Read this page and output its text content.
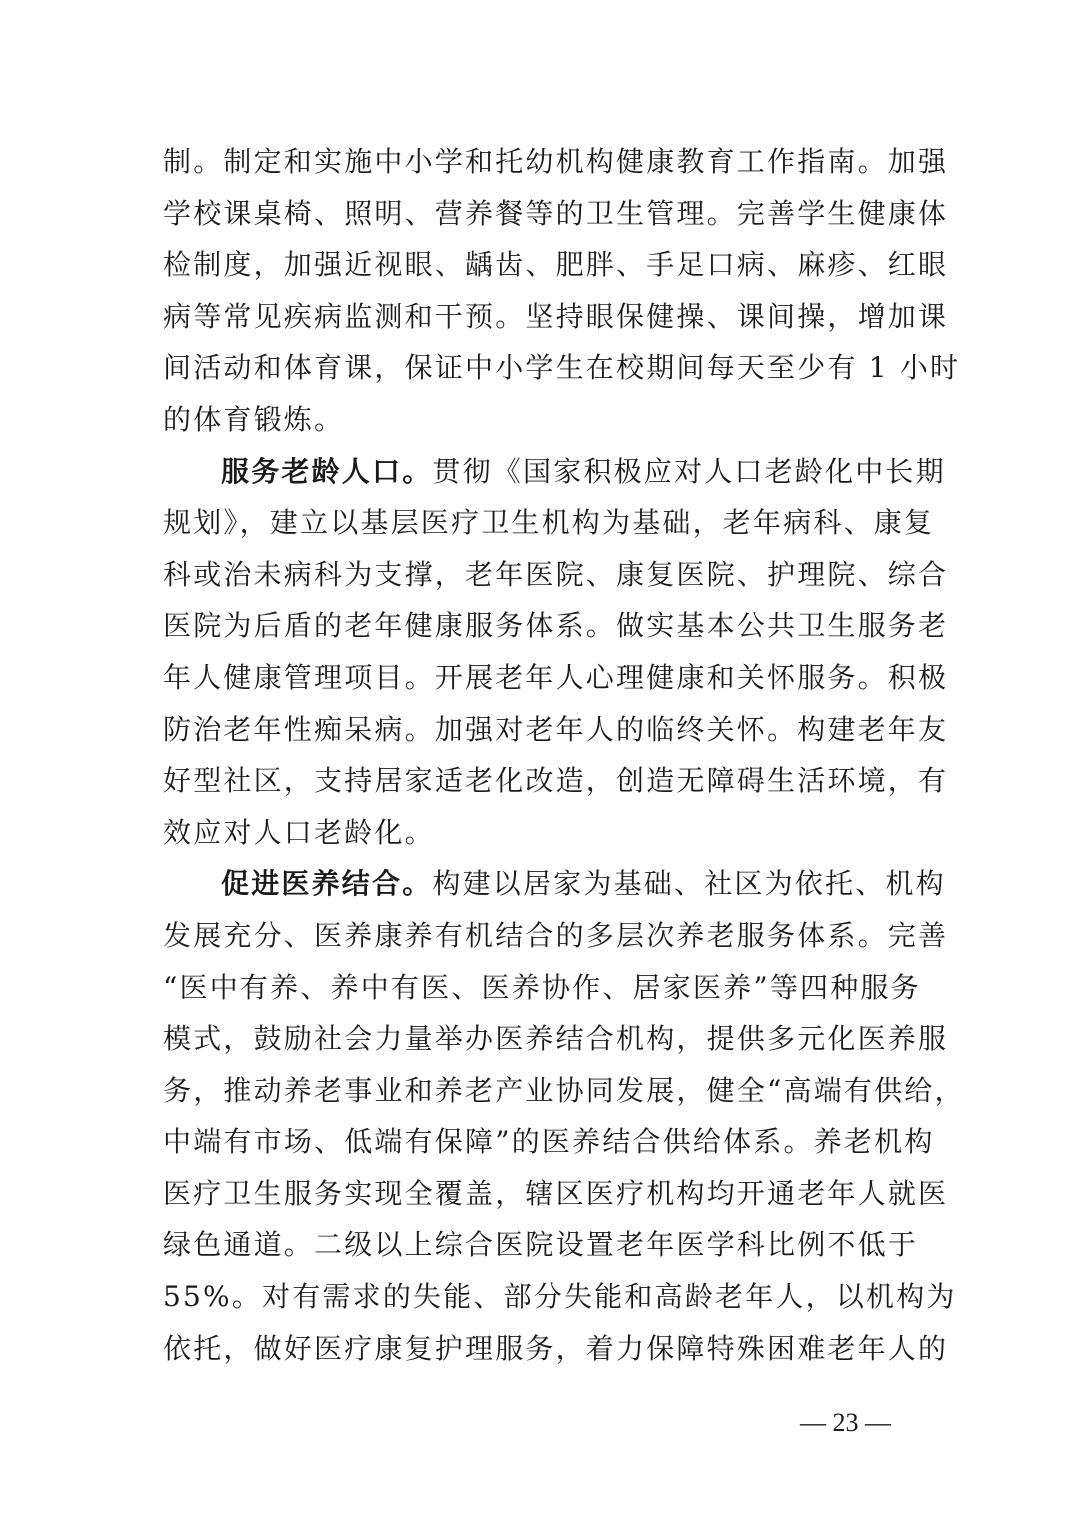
制。制定和实施中小学和托幼机构健康教育工作指南。加强
学校课桌椅、照明、营养餐等的卫生管理。完善学生健康体
检制度，加强近视眼、龋齿、肥胖、手足口病、麻疹、红眼
病等常见疾病监测和干预。坚持眼保健操、课间操，增加课
间活动和体育课，保证中小学生在校期间每天至少有 1 小时
的体育锻炼。
服务老龄人口。贯彻《国家积极应对人口老龄化中长期
规划》，建立以基层医疗卫生机构为基础，老年病科、康复
科或治未病科为支撑，老年医院、康复医院、护理院、综合
医院为后盾的老年健康服务体系。做实基本公共卫生服务老
年人健康管理项目。开展老年人心理健康和关怀服务。积极
防治老年性痴呆病。加强对老年人的临终关怀。构建老年友
好型社区，支持居家适老化改造，创造无障碍生活环境，有
效应对人口老龄化。
促进医养结合。构建以居家为基础、社区为依托、机构
发展充分、医养康养有机结合的多层次养老服务体系。完善
“医中有养、养中有医、医养协作、居家医养”等四种服务
模式，鼓励社会力量举办医养结合机构，提供多元化医养服
务，推动养老事业和养老产业协同发展，健全“高端有供给，
中端有市场、低端有保障”的医养结合供给体系。养老机构
医疗卫生服务实现全覆盖，辖区医疗机构均开通老年人就医
绿色通道。二级以上综合医院设置老年医学科比例不低于
55%。对有需求的失能、部分失能和高龄老年人，以机构为
依托，做好医疗康复护理服务，着力保障特殊困难老年人的
— 23 —
